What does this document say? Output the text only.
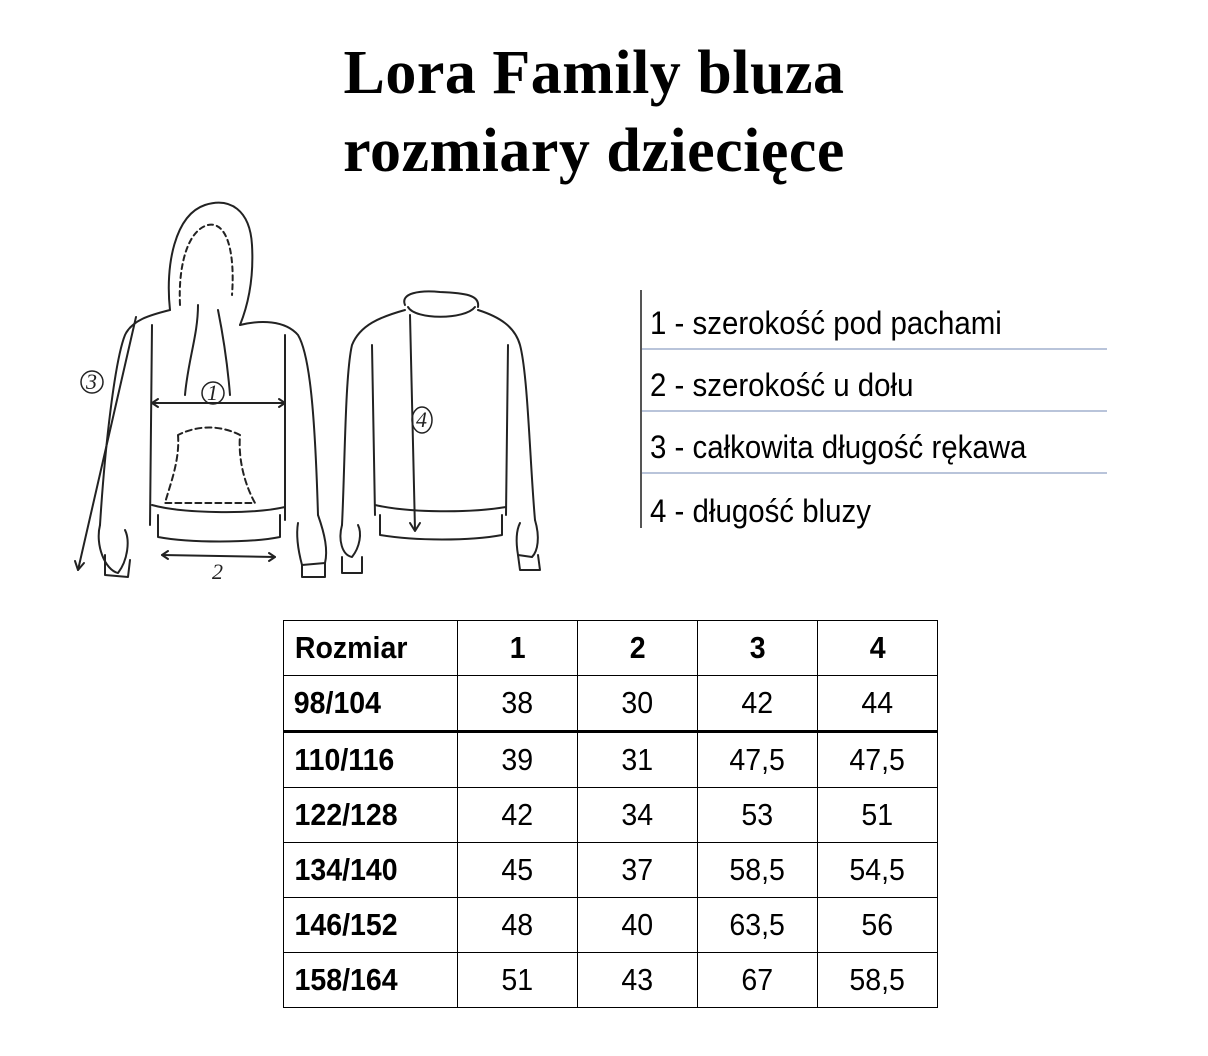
Lora Family bluza
rozmiary dziecięce
1
2
3
4
1 - szerokość pod pachami
2 - szerokość u dołu
3 - całkowita długość rękawa
4 - długość bluzy
Rozmiar	1	2	3	4
98/104	38	30	42	44
110/116	39	31	47,5	47,5
122/128	42	34	53	51
134/140	45	37	58,5	54,5
146/152	48	40	63,5	56
158/164	51	43	67	58,5
